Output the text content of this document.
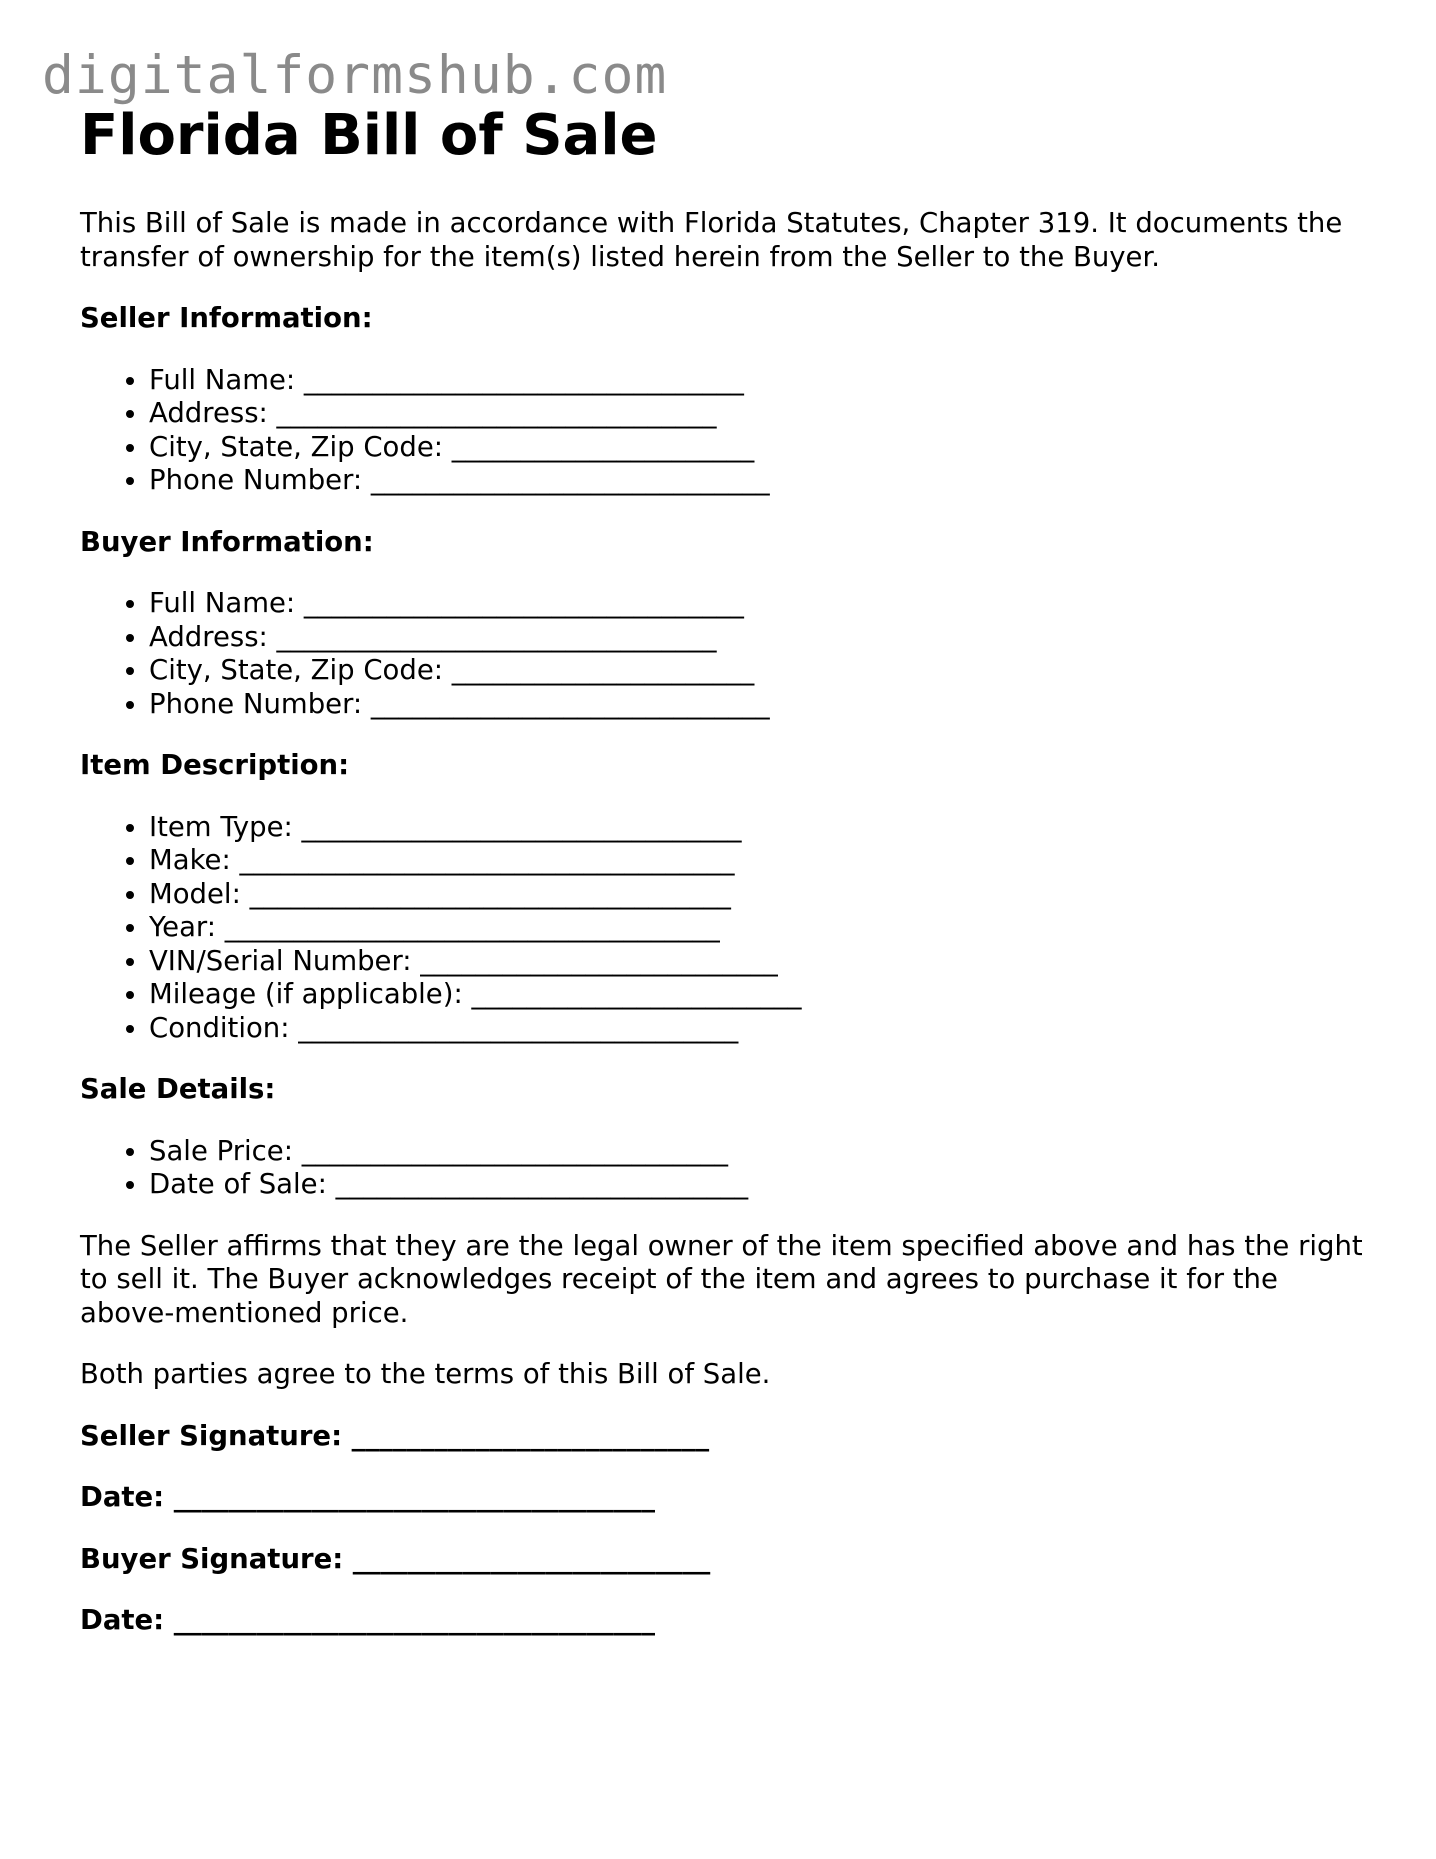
digitalformshub.com
Florida Bill of Sale

This Bill of Sale is made in accordance with Florida Statutes, Chapter 319. It documents the transfer of ownership for the item(s) listed herein from the Seller to the Buyer.

Seller Information:
• Full Name: ________________________________
• Address: ________________________________
• City, State, Zip Code: ______________________
• Phone Number: _____________________________
Buyer Information:
• Full Name: ________________________________
• Address: ________________________________
• City, State, Zip Code: ______________________
• Phone Number: _____________________________
Item Description:
• Item Type: ________________________________
• Make: ____________________________________
• Model: ___________________________________
• Year: ____________________________________
• VIN/Serial Number: __________________________
• Mileage (if applicable): ________________________
• Condition: ________________________________
Sale Details:
• Sale Price: _______________________________
• Date of Sale: ______________________________

The Seller affirms that they are the legal owner of the item specified above and has the right to sell it. The Buyer acknowledges receipt of the item and agrees to purchase it for the above-mentioned price.

Both parties agree to the terms of this Bill of Sale.

Seller Signature: __________________________
Date: ___________________________________
Buyer Signature: __________________________
Date: ___________________________________
